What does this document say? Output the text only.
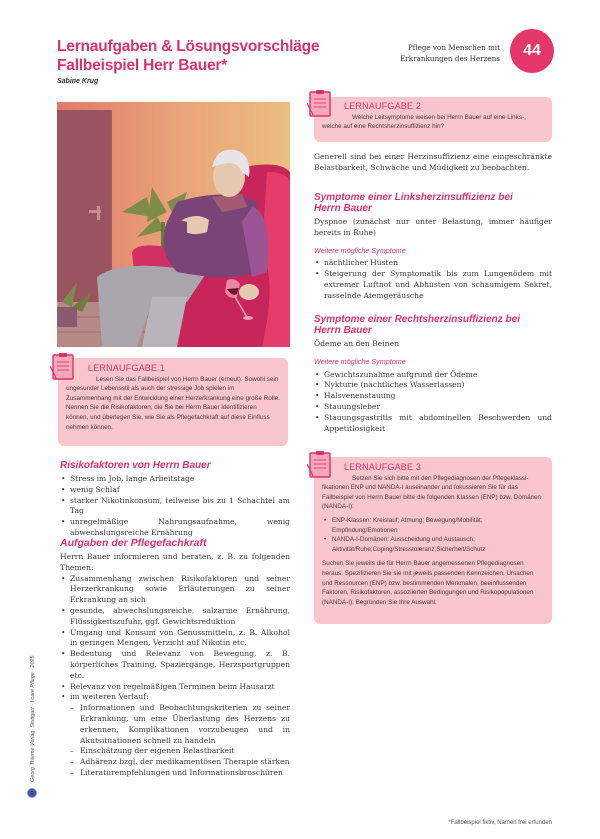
Lernaufgaben & Lösungsvorschläge
Fallbeispiel Herr Bauer*
Sabine Krug
Pflege von Menschen mit
Erkrankungen des Herzens	44
LERNAUFGABE 1
Lesen Sie das Fallbeispiel von Herrn Bauer (erneut). Sowohl sein
ungesunder Lebensstil als auch der stressige Job spielen im Zusammenhang mit der Entwicklung einer Herzerkrankung eine große Rolle. Nennen Sie die Risikofaktoren, die Sie bei Herrn Bauer identifizieren können, und überlegen Sie, wie Sie als Pflegefachkraft auf diese Einfluss nehmen können.
Risikofaktoren von Herrn Bauer
• Stress im Job, lange Arbeitstage
• wenig Schlaf
• starker Nikotinkonsum, teilweise bis zu 1 Schachtel am Tag
• unregelmäßige Nahrungsaufnahme, wenig abwechslungsreiche Ernährung
Aufgaben der Pflegefachkraft
Herrn Bauer informieren und beraten, z. B. zu folgenden Themen:
• Zusammenhang zwischen Risikofaktoren und seiner Herzerkrankung sowie Erläuterungen zu seiner Erkrankung an sich
• gesunde, abwechslungsreiche, salzarme Ernährung, Flüssigkeitszufuhr, ggf. Gewichtsreduktion
• Umgang und Konsum von Genussmitteln, z. B. Alkohol in geringen Mengen, Verzicht auf Nikotin etc.
• Bedeutung und Relevanz von Bewegung, z. B. körperliches Training, Spaziergänge, Herzsportgruppen etc.
• Relevanz von regelmäßigen Terminen beim Hausarzt
• im weiteren Verlauf:
– Informationen und Beobachtungskriterien zu seiner Erkrankung, um eine Überlastung des Herzens zu erkennen, Komplikationen vorzubeugen und in Akutsituationen schnell zu handeln
– Einschätzung der eigenen Belastbarkeit
– Adhärenz bzgl. der medikamentösen Therapie stärken
– Literaturempfehlungen und Informationsbroschüren
LERNAUFGABE 2
Welche Leitsymptome weisen bei Herrn Bauer auf eine Links-,
welche auf eine Rechtsherzinsuffizienz hin?
Generell sind bei einer Herzinsuffizienz eine eingeschränkte Belastbarkeit, Schwäche und Müdigkeit zu beobachten.
Symptome einer Linksherzinsuffizienz bei
Herrn Bauer
Dyspnoe (zunächst nur unter Belastung, immer häufiger bereits in Ruhe)
Weitere mögliche Symptome
• nächtlicher Husten
• Steigerung der Symptomatik bis zum Lungenödem mit extremer Luftnot und Abhusten von schaumigem Sekret, rasselnde Atemgeräusche
Symptome einer Rechtsherzinsuffizienz bei
Herrn Bauer
Ödeme an den Beinen
Weitere mögliche Symptome
• Gewichtszunahme aufgrund der Ödeme
• Nykturie (nächtliches Wasserlassen)
• Halsvenenstauung
• Stauungsleber
• Stauungsgastritis mit abdominellen Beschwerden und Appetitlosigkeit
LERNAUFGABE 3
Setzen Sie sich bitte mit den Pflegediagnosen der Pflegeklassi-
fikationen ENP und NANDA-I auseinander und fokussieren Sie für das Fallbeispiel von Herrn Bauer bitte die folgenden Klassen (ENP) bzw. Domänen (NANDA-I):
• ENP-Klassen: Kreislauf; Atmung; Bewegung/Mobilität; Empfindung/Emotionen
• NANDA-I-Domänen: Ausscheidung und Austausch; Aktivität/Ruhe;Coping/Stresstoleranz;Sicherheit/Schutz
Suchen Sie jeweils die für Herrn Bauer angemessenen Pflegediagnosen heraus. Spezifizieren Sie sie mit jeweils passenden Kennzeichen, Ursachen und Ressourcen (ENP) bzw. bestimmenden Merkmalen, beeinflussenden Faktoren, Risikofaktoren, assoziierten Bedingungen und Risikopopulationen (NANDA-I). Begründen Sie Ihre Auswahl.
Georg Thieme Verlag, Stuttgart · I care Pflege · 2025
*Fallbeispiel fiktiv, Namen frei erfunden
